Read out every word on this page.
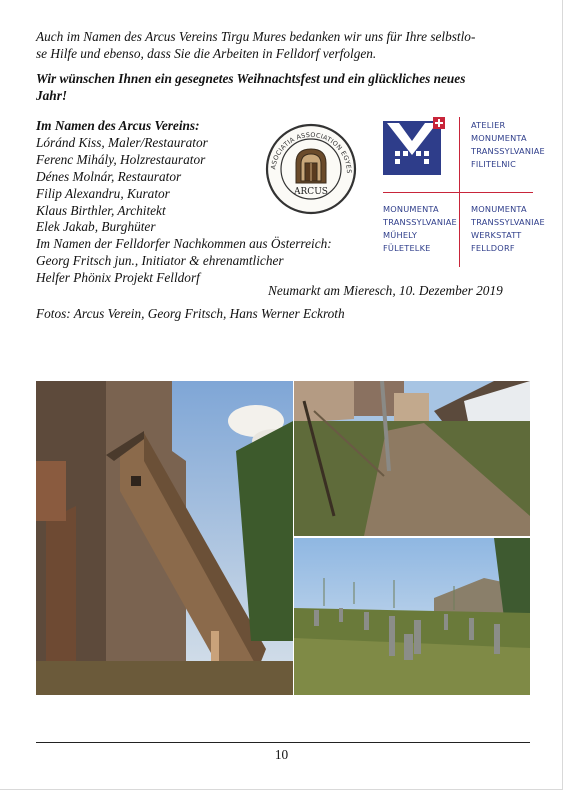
Auch im Namen des Arcus Vereins Tirgu Mures bedanken wir uns für Ihre selbstlo-
se Hilfe und ebenso, dass Sie die Arbeiten in Felldorf verfolgen.

Wir wünschen Ihnen ein gesegnetes Weihnachtsfest und ein glückliches neues
Jahr!

Im Namen des Arcus Vereins:
Lóránd Kiss, Maler/Restaurator
Ferenc Mihály, Holzrestaurator
Dénes Molnár, Restaurator
Filip Alexandru, Kurator
Klaus Birthler, Architekt
Elek Jakab, Burghüter
Im Namen der Felldorfer Nachkommen aus Österreich:
Georg Fritsch jun., Initiator & ehrenamtlicher
Helfer Phönix Projekt Felldorf
ASOCIATIA ASSOCIATION EGYES
ARCUS
ATELIER
MONUMENTA
TRANSSYLVANIAE
FILITELNIC
MONUMENTA
TRANSSYLVANIAE
MŰHELY
FÜLETELKE
MONUMENTA
TRANSSYLVANIAE
WERKSTATT
FELLDORF
Neumarkt am Mieresch, 10. Dezember 2019
Fotos: Arcus Verein, Georg Fritsch, Hans Werner Eckroth
10
